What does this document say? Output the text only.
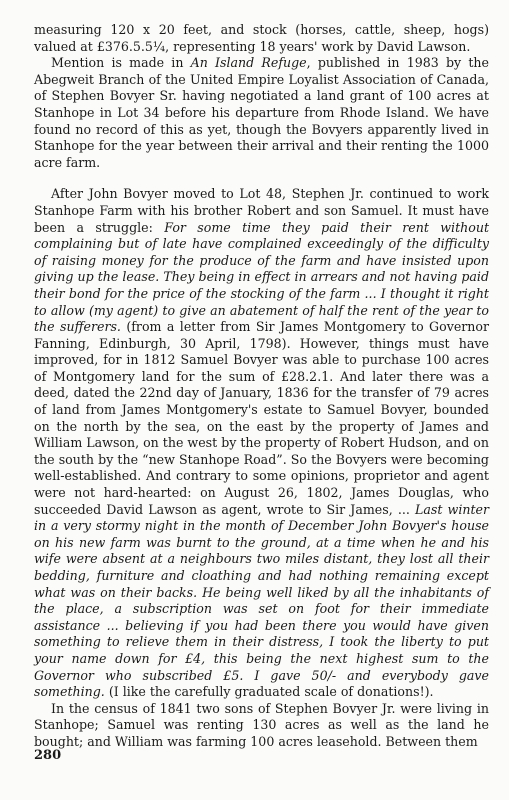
measuring 120 x 20 feet, and stock (horses, cattle, sheep, hogs) valued at £376.5.5¼, representing 18 years' work by David Lawson.

Mention is made in An Island Refuge, published in 1983 by the Abegweit Branch of the United Empire Loyalist Association of Canada, of Stephen Bovyer Sr. having negotiated a land grant of 100 acres at Stanhope in Lot 34 before his departure from Rhode Island. We have found no record of this as yet, though the Bovyers apparently lived in Stanhope for the year between their arrival and their renting the 1000 acre farm.

After John Bovyer moved to Lot 48, Stephen Jr. continued to work Stanhope Farm with his brother Robert and son Samuel. It must have been a struggle: For some time they paid their rent without complaining but of late have complained exceedingly of the difficulty of raising money for the produce of the farm and have insisted upon giving up the lease. They being in effect in arrears and not having paid their bond for the price of the stocking of the farm ... I thought it right to allow (my agent) to give an abatement of half the rent of the year to the sufferers. (from a letter from Sir James Montgomery to Governor Fanning, Edinburgh, 30 April, 1798). However, things must have improved, for in 1812 Samuel Bovyer was able to purchase 100 acres of Montgomery land for the sum of £28.2.1. And later there was a deed, dated the 22nd day of January, 1836 for the transfer of 79 acres of land from James Montgomery's estate to Samuel Bovyer, bounded on the north by the sea, on the east by the property of James and William Lawson, on the west by the property of Robert Hudson, and on the south by the “new Stanhope Road”. So the Bovyers were becoming well-established. And contrary to some opinions, proprietor and agent were not hard-hearted: on August 26, 1802, James Douglas, who succeeded David Lawson as agent, wrote to Sir James, ... Last winter in a very stormy night in the month of December John Bovyer's house on his new farm was burnt to the ground, at a time when he and his wife were absent at a neighbours two miles distant, they lost all their bedding, furniture and cloathing and had nothing remaining except what was on their backs. He being well liked by all the inhabitants of the place, a subscription was set on foot for their immediate assistance ... believing if you had been there you would have given something to relieve them in their distress, I took the liberty to put your name down for £4, this being the next highest sum to the Governor who subscribed £5. I gave 50/- and everybody gave something. (I like the carefully graduated scale of donations!).

In the census of 1841 two sons of Stephen Bovyer Jr. were living in Stanhope; Samuel was renting 130 acres as well as the land he bought; and William was farming 100 acres leasehold. Between them

280
